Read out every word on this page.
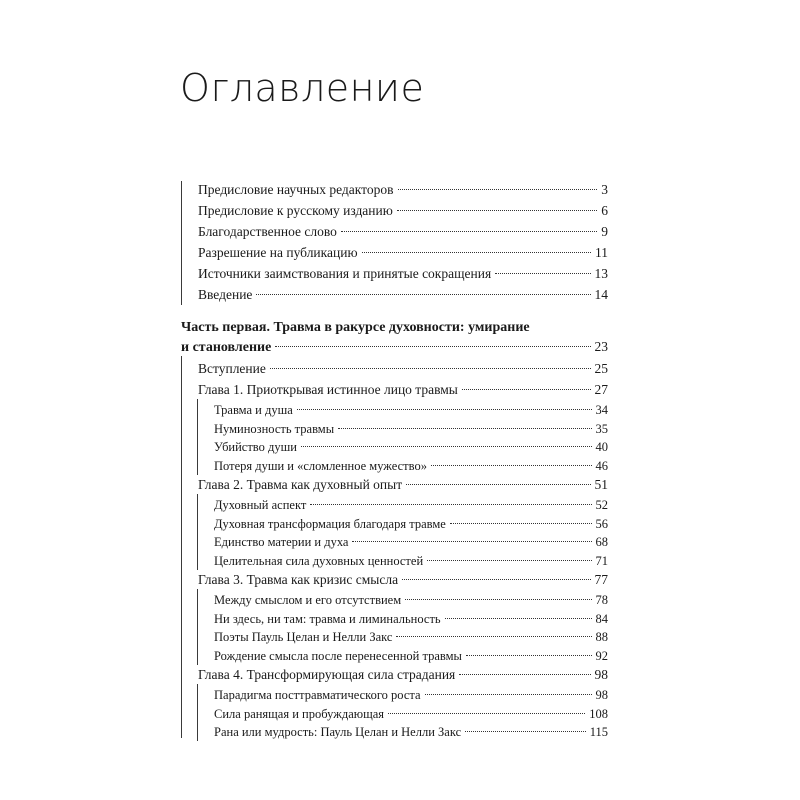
Оглавление
Предисловие научных редакторов	3
Предисловие к русскому изданию	6
Благодарственное слово	9
Разрешение на публикацию	11
Источники заимствования и принятые сокращения	13
Введение	14
Часть первая. Травма в ракурсе духовности: умирание
и становление	23
Вступление	25
Глава 1. Приоткрывая истинное лицо травмы	27
Травма и душа	34
Нуминозность травмы	35
Убийство души	40
Потеря души и «сломленное мужество»	46
Глава 2. Травма как духовный опыт	51
Духовный аспект	52
Духовная трансформация благодаря травме	56
Единство материи и духа	68
Целительная сила духовных ценностей	71
Глава 3. Травма как кризис смысла	77
Между смыслом и его отсутствием	78
Ни здесь, ни там: травма и лиминальность	84
Поэты Пауль Целан и Нелли Закс	88
Рождение смысла после перенесенной травмы	92
Глава 4. Трансформирующая сила страдания	98
Парадигма посттравматического роста	98
Сила ранящая и пробуждающая	108
Рана или мудрость: Пауль Целан и Нелли Закс	115
